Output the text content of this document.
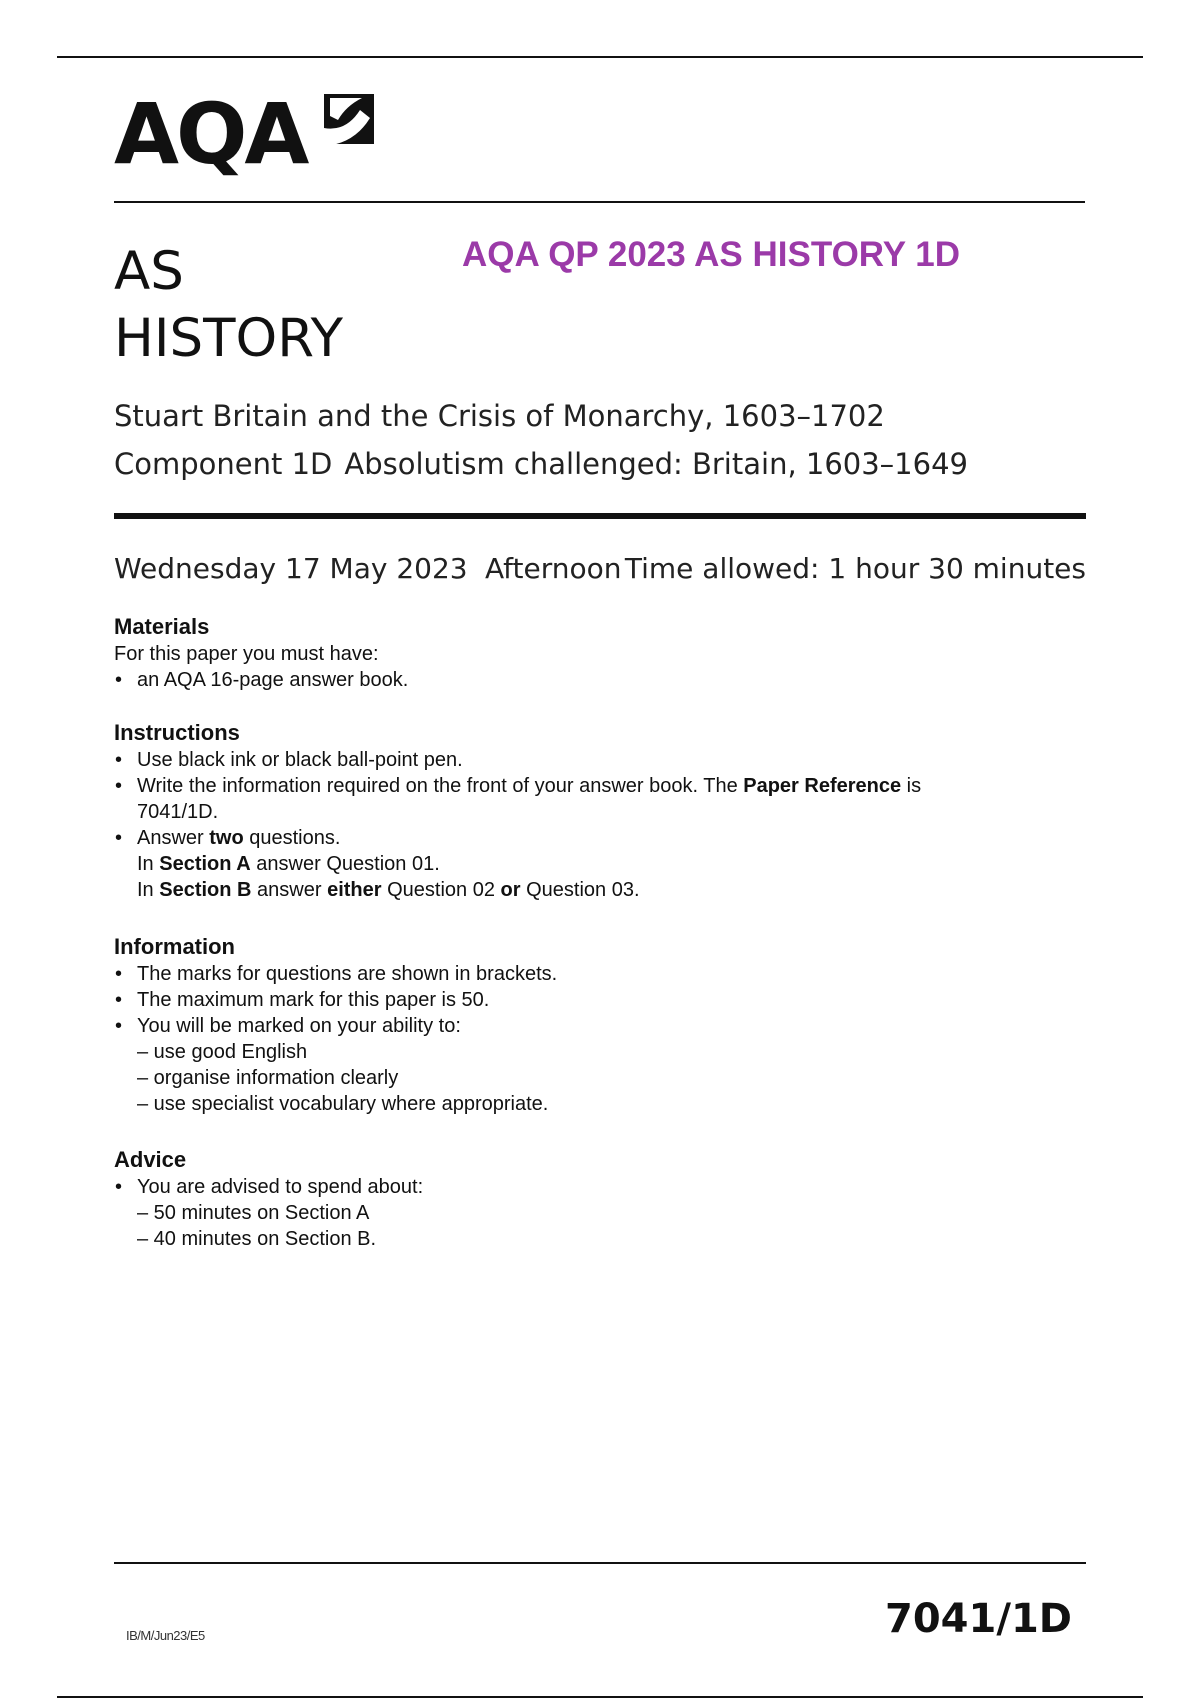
AQA
AS
HISTORY
AQA QP 2023 AS HISTORY 1D
Stuart Britain and the Crisis of Monarchy, 1603–1702
Component 1D Absolutism challenged: Britain, 1603–1649
Wednesday 17 May 2023 Afternoon Time allowed: 1 hour 30 minutes
Materials

For this paper you must have:

• an AQA 16-page answer book.
Instructions
• Use black ink or black ball-point pen.
• Write the information required on the front of your answer book. The Paper Reference is
7041/1D.
• Answer two questions.
In Section A answer Question 01.
In Section B answer either Question 02 or Question 03.
Information
• The marks for questions are shown in brackets.
• The maximum mark for this paper is 50.
• You will be marked on your ability to:
– use good English
– organise information clearly
– use specialist vocabulary where appropriate.
Advice
• You are advised to spend about:
– 50 minutes on Section A
– 40 minutes on Section B.
IB/M/Jun23/E5	7041/1D
